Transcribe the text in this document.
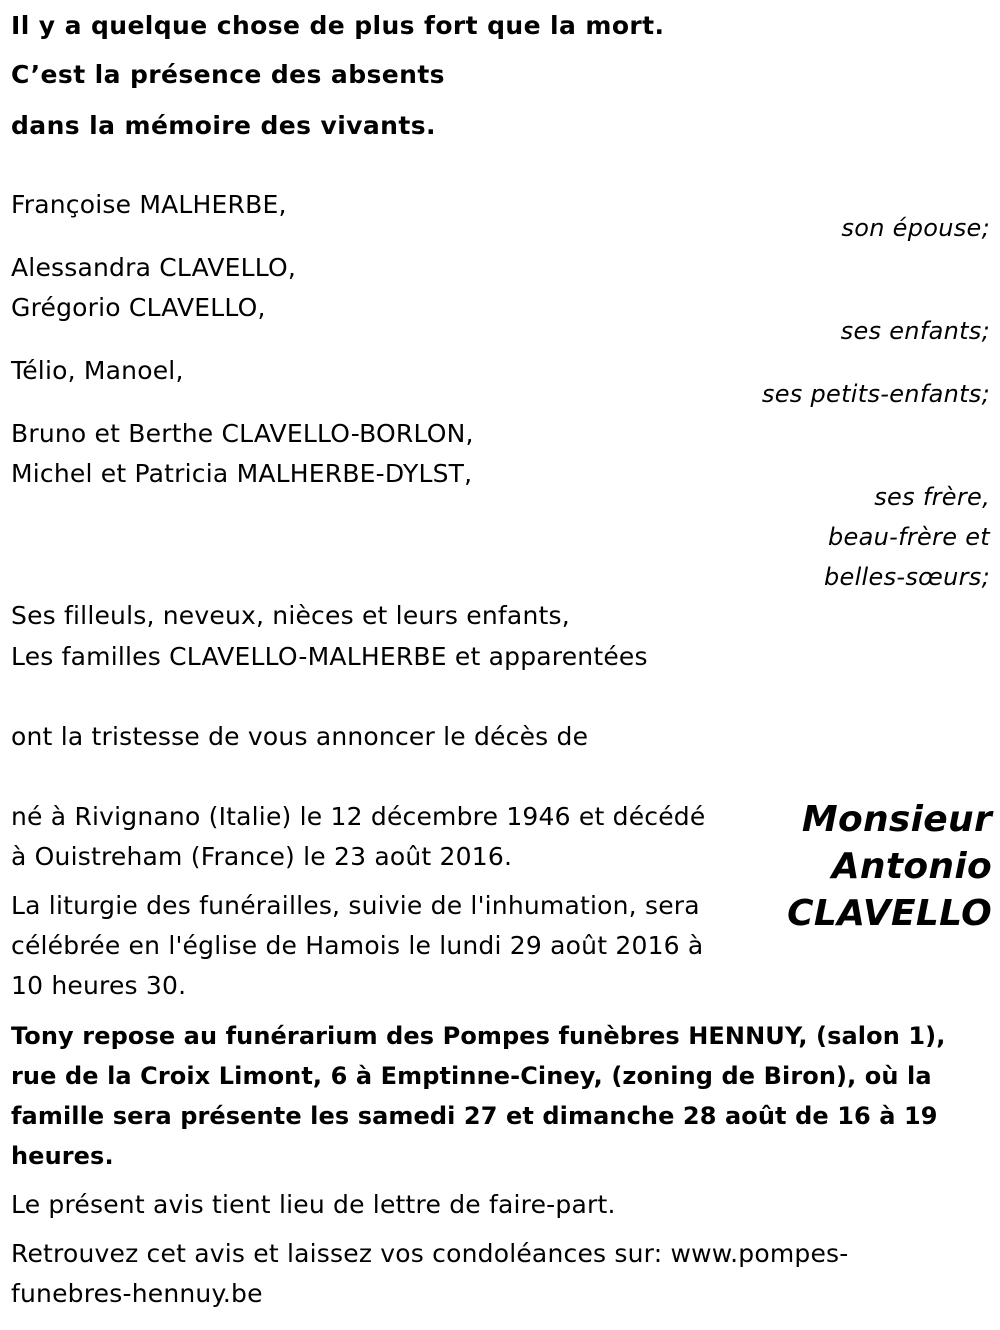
Il y a quelque chose de plus fort que la mort.
C’est la présence des absents
dans la mémoire des vivants.
Françoise MALHERBE,
son épouse;
Alessandra CLAVELLO,
Grégorio CLAVELLO,
ses enfants;
Télio, Manoel,
ses petits-enfants;
Bruno et Berthe CLAVELLO-BORLON,
Michel et Patricia MALHERBE-DYLST,
ses frère,
beau-frère et
belles-sœurs;
Ses filleuls, neveux, nièces et leurs enfants,
Les familles CLAVELLO-MALHERBE et apparentées
ont la tristesse de vous annoncer le décès de
Monsieur
Antonio
CLAVELLO
né à Rivignano (Italie) le 12 décembre 1946 et décédé
à Ouistreham (France) le 23 août 2016.
La liturgie des funérailles, suivie de l'inhumation, sera
célébrée en l'église de Hamois le lundi 29 août 2016 à
10 heures 30.
Tony repose au funérarium des Pompes funèbres HENNUY, (salon 1),
rue de la Croix Limont, 6 à Emptinne-Ciney, (zoning de Biron), où la
famille sera présente les samedi 27 et dimanche 28 août de 16 à 19
heures.
Le présent avis tient lieu de lettre de faire-part.
Retrouvez cet avis et laissez vos condoléances sur: www.pompes-
funebres-hennuy.be
